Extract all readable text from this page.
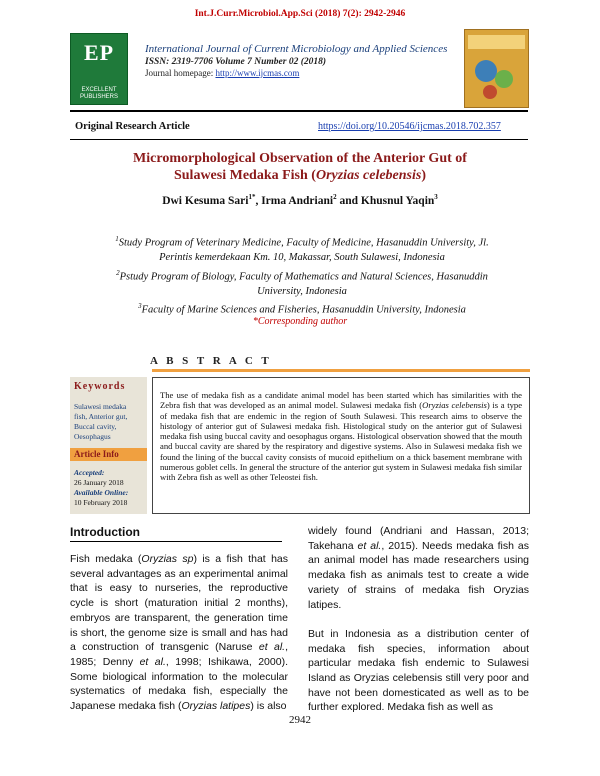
Int.J.Curr.Microbiol.App.Sci (2018) 7(2): 2942-2946
EP
EXCELLENT PUBLISHERS
International Journal of Current Microbiology and Applied Sciences
ISSN: 2319-7706 Volume 7 Number 02 (2018)
Journal homepage: http://www.ijcmas.com
Original Research Article	https://doi.org/10.20546/ijcmas.2018.702.357
Micromorphological Observation of the Anterior Gut of
Sulawesi Medaka Fish (Oryzias celebensis)
Dwi Kesuma Sari$^{1*}$, Irma Andriani$^2$ and Khusnul Yaqin$^3$
$^1$Study Program of Veterinary Medicine, Faculty of Medicine, Hasanuddin University, Jl.
Perintis kemerdekaan Km. 10, Makassar, South Sulawesi, Indonesia
$^2$Pstudy Program of Biology, Faculty of Mathematics and Natural Sciences, Hasanuddin
University, Indonesia
$^3$Faculty of Marine Sciences and Fisheries, Hasanuddin University, Indonesia
*Corresponding author
A B S T R A C T
Keywords
Sulawesi medaka
fish, Anterior gut,
Buccal cavity,
Oesophagus
Article Info
Accepted:
26 January 2018
Available Online:
10 February 2018
The use of medaka fish as a candidate animal model has been started which has similarities with the Zebra fish that was developed as an animal model. Sulawesi medaka fish (Oryzias celebensis) is a type of medaka fish that are endemic in the region of South Sulawesi. This research aims to observe the histology of anterior gut of Sulawesi medaka fish. Histological study on the anterior gut of Sulawesi medaka fish using buccal cavity and oesophagus organs. Histological observation showed that the mouth and buccal cavity are shared by the respiratory and digestive systems. Also in Sulawesi medaka fish we found the lining of the buccal cavity consists of mucoid epithelium on a thick basement membrane with numerous goblet cells. In general the structure of the anterior gut system in Sulawesi medaka fish similar with Zebra fish as well as other Teleostei fish.
Introduction

Fish medaka (Oryzias sp) is a fish that has several advantages as an experimental animal that is easy to nurseries, the reproductive cycle is short (maturation initial 2 months), embryos are transparent, the generation time is short, the genome size is small and has had a construction of transgenic (Naruse et al., 1985; Denny et al., 1998; Ishikawa, 2000). Some biological information to the molecular systematics of medaka fish, especially the Japanese medaka fish (Oryzias latipes) is also

widely found (Andriani and Hassan, 2013; Takehana et al., 2015). Needs medaka fish as an animal model has made researchers using medaka fish as animals test to create a wide variety of strains of medaka fish Oryzias latipes.

But in Indonesia as a distribution center of medaka fish species, information about particular medaka fish endemic to Sulawesi Island as Oryzias celebensis still very poor and have not been domesticated as well as to be further explored. Medaka fish as well as

2942
